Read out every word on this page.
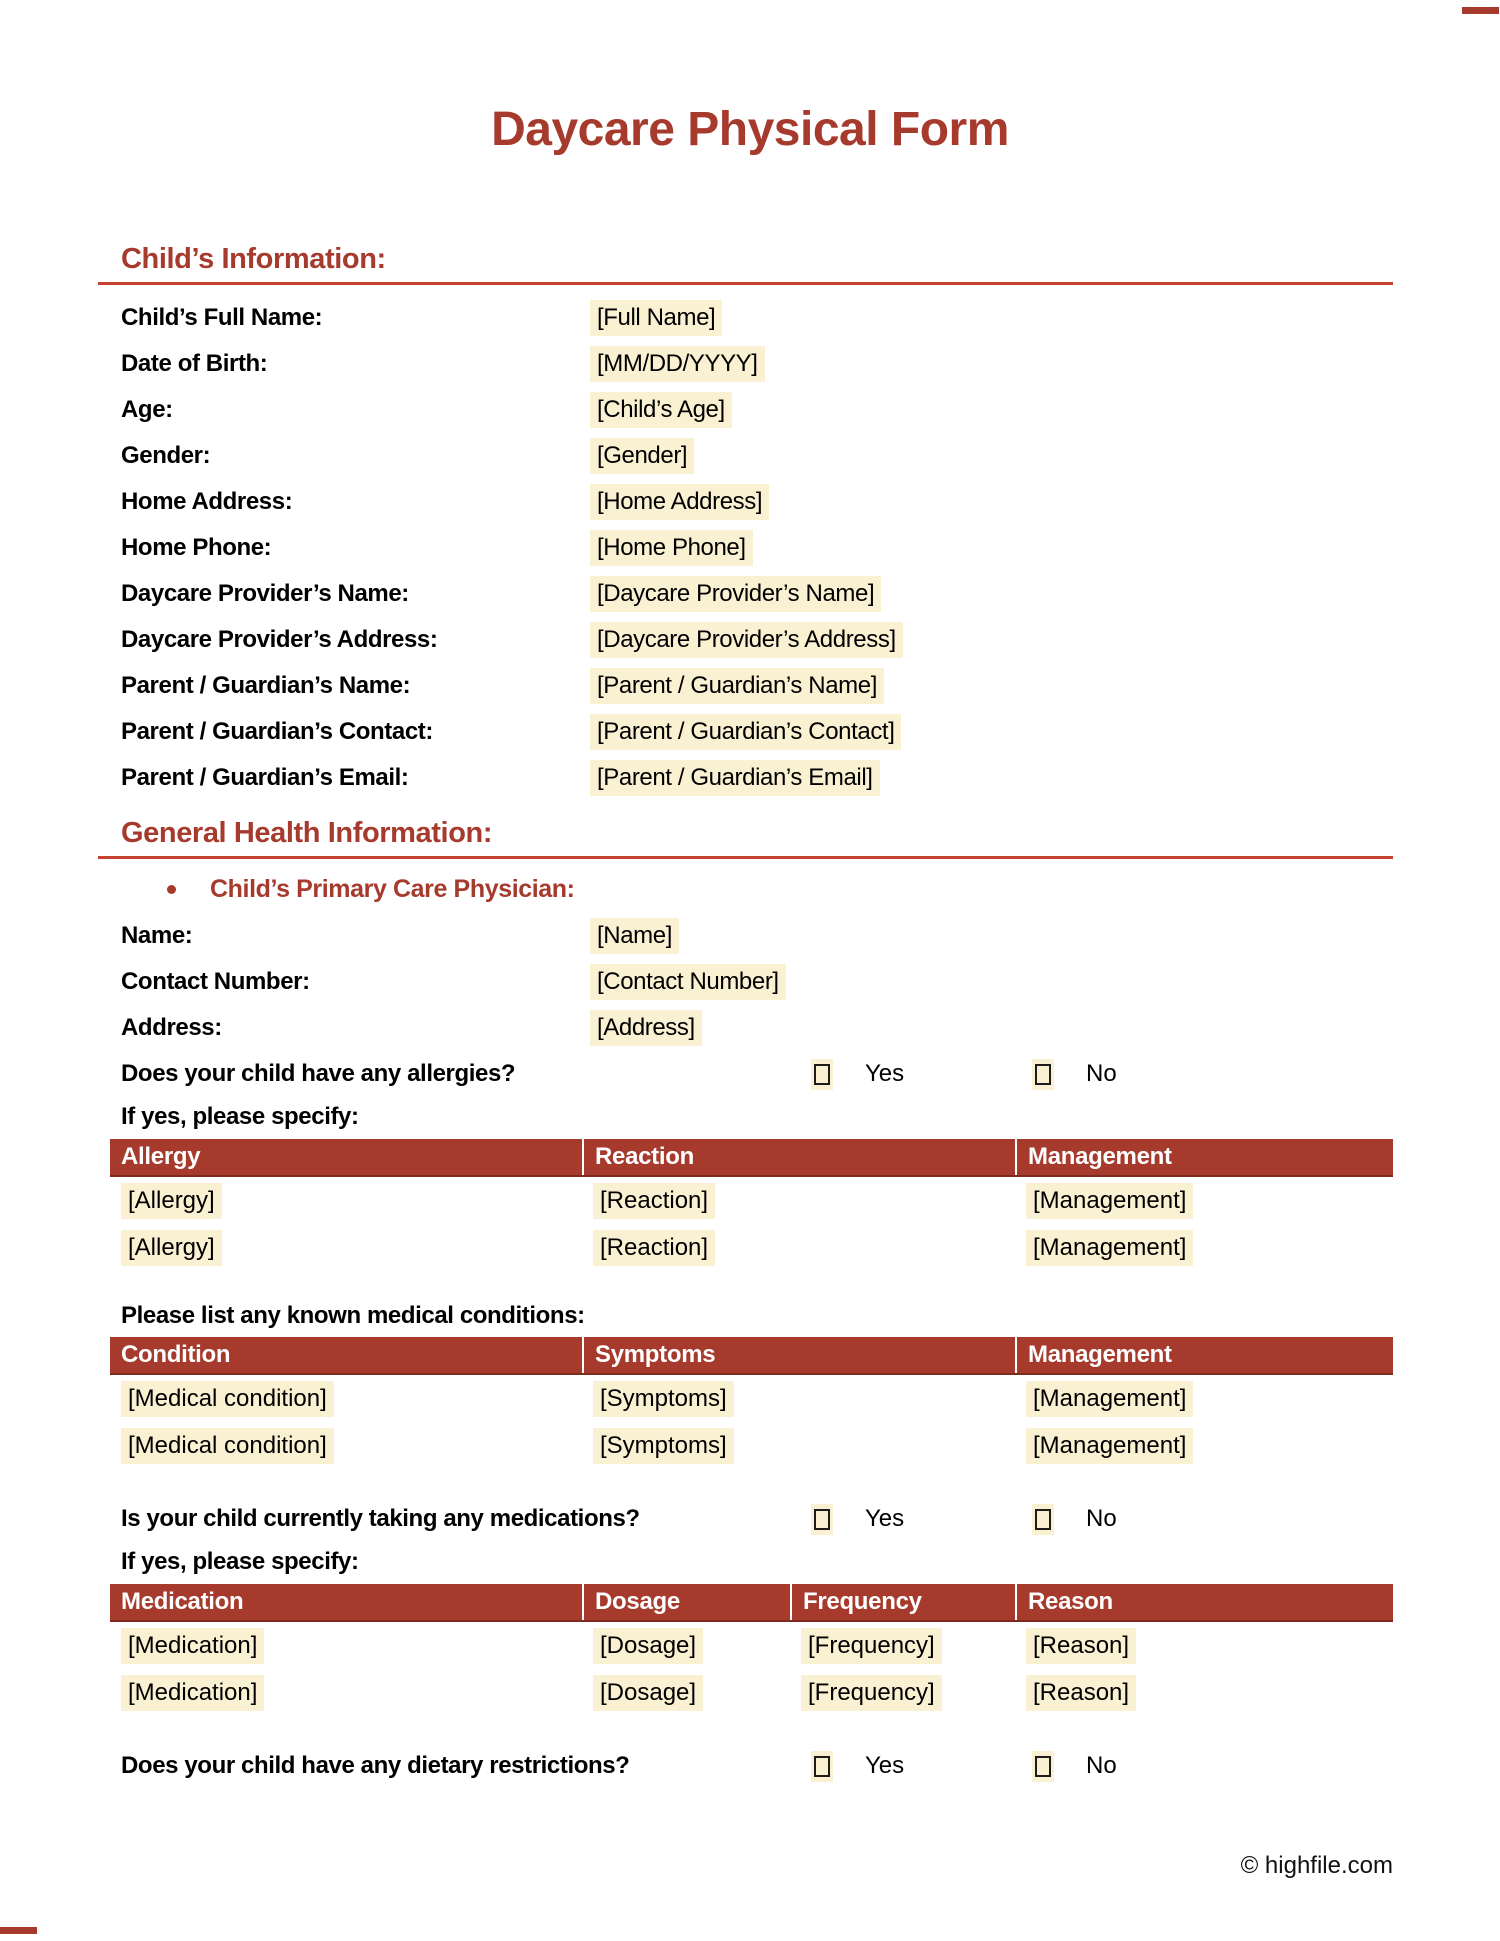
Daycare Physical Form
Child’s Information:
Child’s Full Name:	[Full Name]
Date of Birth:	[MM/DD/YYYY]
Age:	[Child’s Age]
Gender:	[Gender]
Home Address:	[Home Address]
Home Phone:	[Home Phone]
Daycare Provider’s Name:	[Daycare Provider’s Name]
Daycare Provider’s Address:	[Daycare Provider’s Address]
Parent / Guardian’s Name:	[Parent / Guardian’s Name]
Parent / Guardian’s Contact:	[Parent / Guardian’s Contact]
Parent / Guardian’s Email:	[Parent / Guardian’s Email]
General Health Information:
Child’s Primary Care Physician:
Name:	[Name]
Contact Number:	[Contact Number]
Address:	[Address]
Does your child have any allergies?	Yes	No
If yes, please specify:
Allergy	Reaction	Management
[Allergy]	[Reaction]	[Management]
[Allergy]	[Reaction]	[Management]
Please list any known medical conditions:
Condition	Symptoms	Management
[Medical condition]	[Symptoms]	[Management]
[Medical condition]	[Symptoms]	[Management]
Is your child currently taking any medications?	Yes	No
If yes, please specify:
Medication	Dosage	Frequency	Reason
[Medication]	[Dosage]	[Frequency]	[Reason]
[Medication]	[Dosage]	[Frequency]	[Reason]
Does your child have any dietary restrictions?	Yes	No
© highfile.com
